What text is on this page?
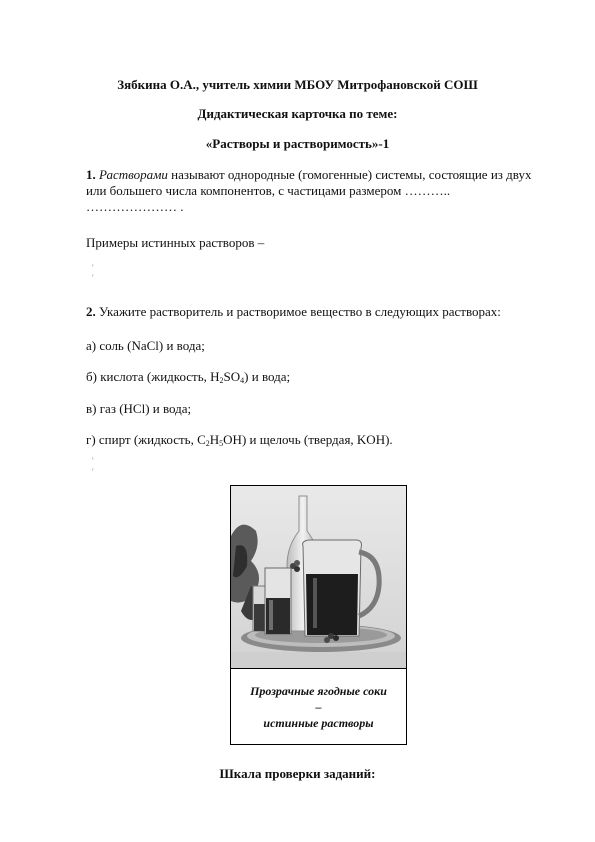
Зябкина О.А., учитель химии МБОУ Митрофановской СОШ
Дидактическая карточка по теме:
«Растворы и растворимость»-1
1. Растворами называют однородные (гомогенные) системы, состоящие из двух или большего числа компонентов, с частицами размером ……….. ………………… .
Примеры истинных растворов –
'
'
2. Укажите растворитель и растворимое вещество в следующих растворах:
а) соль (NaCl) и вода;
б) кислота (жидкость, $H_2SO_4$) и вода;
в) газ (HCl) и вода;
г) спирт (жидкость, $C_2H_5OH$) и щелочь (твердая, KOH).
'
'
Прозрачные ягодные соки
–
истинные растворы
Шкала проверки заданий:
